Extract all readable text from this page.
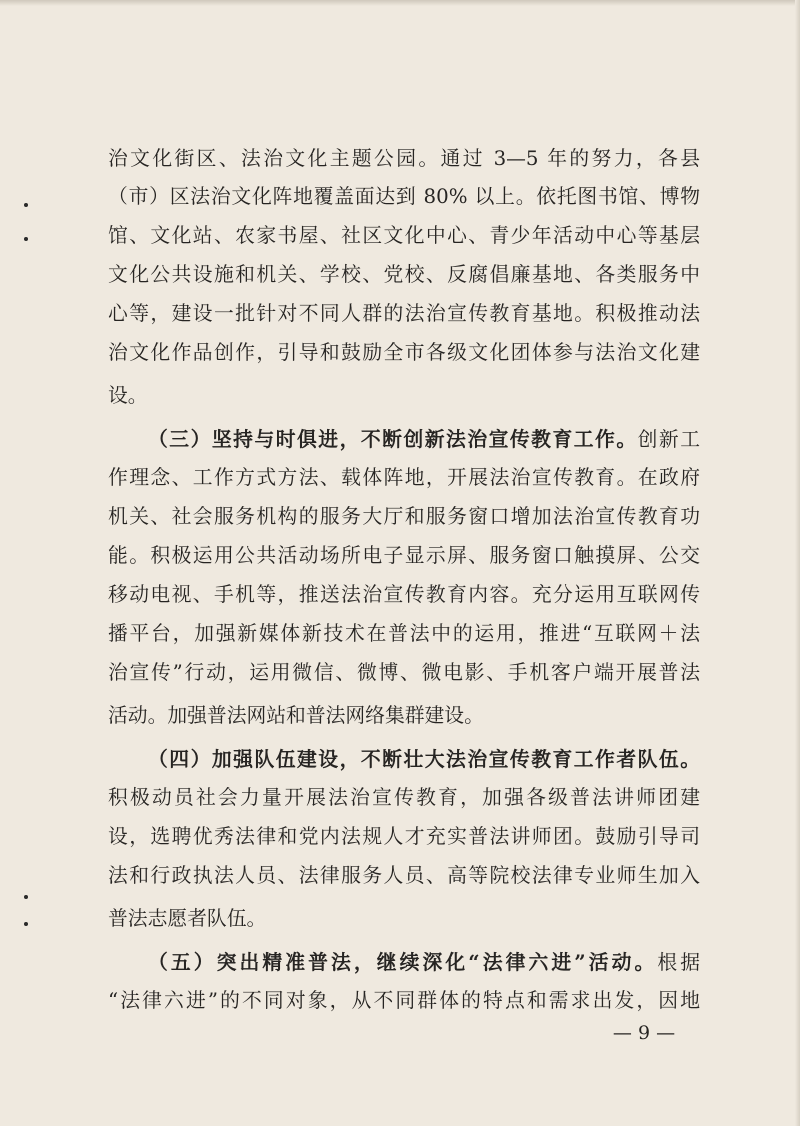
治文化街区、法治文化主题公园。通过 3—5 年的努力，各县
（市）区法治文化阵地覆盖面达到 80% 以上。依托图书馆、博物
馆、文化站、农家书屋、社区文化中心、青少年活动中心等基层
文化公共设施和机关、学校、党校、反腐倡廉基地、各类服务中
心等，建设一批针对不同人群的法治宣传教育基地。积极推动法
治文化作品创作，引导和鼓励全市各级文化团体参与法治文化建
设。
（三）坚持与时俱进，不断创新法治宣传教育工作。创新工
作理念、工作方式方法、载体阵地，开展法治宣传教育。在政府
机关、社会服务机构的服务大厅和服务窗口增加法治宣传教育功
能。积极运用公共活动场所电子显示屏、服务窗口触摸屏、公交
移动电视、手机等，推送法治宣传教育内容。充分运用互联网传
播平台，加强新媒体新技术在普法中的运用，推进“互联网＋法
治宣传”行动，运用微信、微博、微电影、手机客户端开展普法
活动。加强普法网站和普法网络集群建设。
（四）加强队伍建设，不断壮大法治宣传教育工作者队伍。
积极动员社会力量开展法治宣传教育，加强各级普法讲师团建
设，选聘优秀法律和党内法规人才充实普法讲师团。鼓励引导司
法和行政执法人员、法律服务人员、高等院校法律专业师生加入
普法志愿者队伍。
（五）突出精准普法，继续深化“法律六进”活动。根据
“法律六进”的不同对象，从不同群体的特点和需求出发，因地
— 9 —
